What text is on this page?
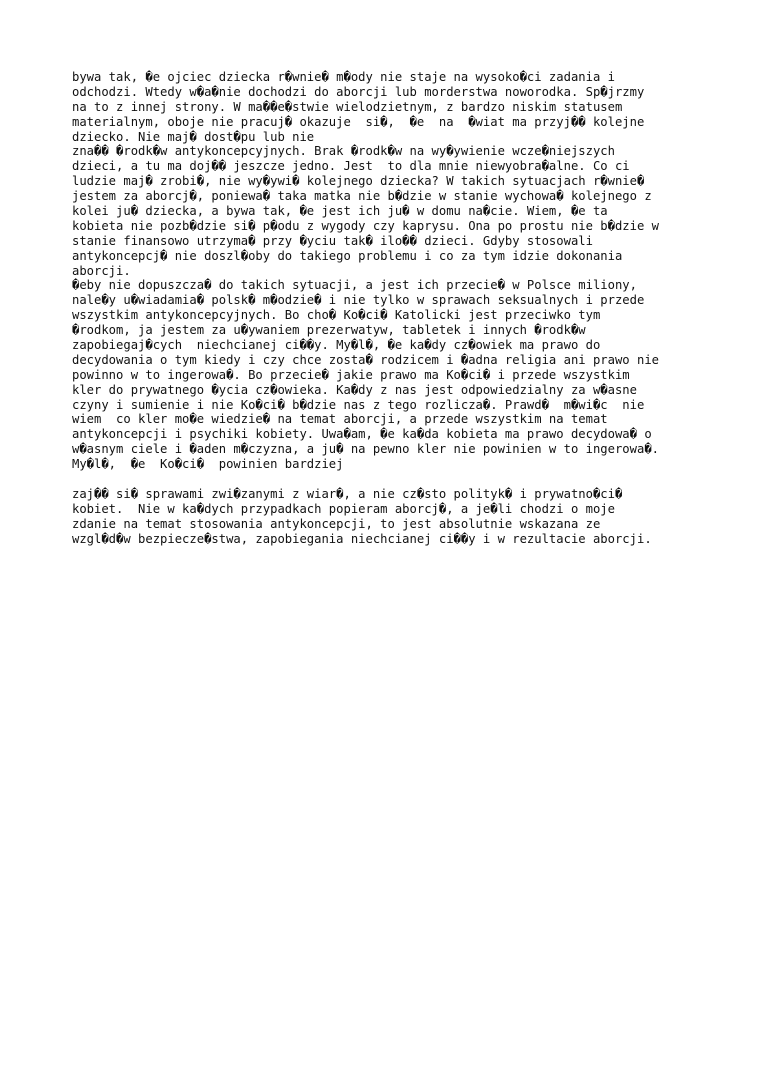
bywa tak, �e ojciec dziecka r�wnie� m�ody nie staje na wysoko�ci zadania i
odchodzi. Wtedy w�a�nie dochodzi do aborcji lub morderstwa noworodka. Sp�jrzmy
na to z innej strony. W ma��e�stwie wielodzietnym, z bardzo niskim statusem
materialnym, oboje nie pracuj� okazuje  si�,  �e  na  �wiat ma przyj�� kolejne
dziecko. Nie maj� dost�pu lub nie
zna�� �rodk�w antykoncepcyjnych. Brak �rodk�w na wy�ywienie wcze�niejszych
dzieci, a tu ma doj�� jeszcze jedno. Jest  to dla mnie niewyobra�alne. Co ci
ludzie maj� zrobi�, nie wy�ywi� kolejnego dziecka? W takich sytuacjach r�wnie�
jestem za aborcj�, poniewa� taka matka nie b�dzie w stanie wychowa� kolejnego z
kolei ju� dziecka, a bywa tak, �e jest ich ju� w domu na�cie. Wiem, �e ta
kobieta nie pozb�dzie si� p�odu z wygody czy kaprysu. Ona po prostu nie b�dzie w
stanie finansowo utrzyma� przy �yciu tak� ilo�� dzieci. Gdyby stosowali
antykoncepcj� nie doszl�oby do takiego problemu i co za tym idzie dokonania
aborcji.
�eby nie dopuszcza� do takich sytuacji, a jest ich przecie� w Polsce miliony,
nale�y u�wiadamia� polsk� m�odzie� i nie tylko w sprawach seksualnych i przede
wszystkim antykoncepcyjnych. Bo cho� Ko�ci� Katolicki jest przeciwko tym
�rodkom, ja jestem za u�ywaniem prezerwatyw, tabletek i innych �rodk�w
zapobiegaj�cych  niechcianej ci��y. My�l�, �e ka�dy cz�owiek ma prawo do
decydowania o tym kiedy i czy chce zosta� rodzicem i �adna religia ani prawo nie
powinno w to ingerowa�. Bo przecie� jakie prawo ma Ko�ci� i przede wszystkim
kler do prywatnego �ycia cz�owieka. Ka�dy z nas jest odpowiedzialny za w�asne
czyny i sumienie i nie Ko�ci� b�dzie nas z tego rozlicza�. Prawd�  m�wi�c  nie
wiem  co kler mo�e wiedzie� na temat aborcji, a przede wszystkim na temat
antykoncepcji i psychiki kobiety. Uwa�am, �e ka�da kobieta ma prawo decydowa� o
w�asnym ciele i �aden m�czyzna, a ju� na pewno kler nie powinien w to ingerowa�.
My�l�,  �e  Ko�ci�  powinien bardziej
zaj�� si� sprawami zwi�zanymi z wiar�, a nie cz�sto polityk� i prywatno�ci�
kobiet.  Nie w ka�dych przypadkach popieram aborcj�, a je�li chodzi o moje
zdanie na temat stosowania antykoncepcji, to jest absolutnie wskazana ze
wzgl�d�w bezpiecze�stwa, zapobiegania niechcianej ci��y i w rezultacie aborcji.
